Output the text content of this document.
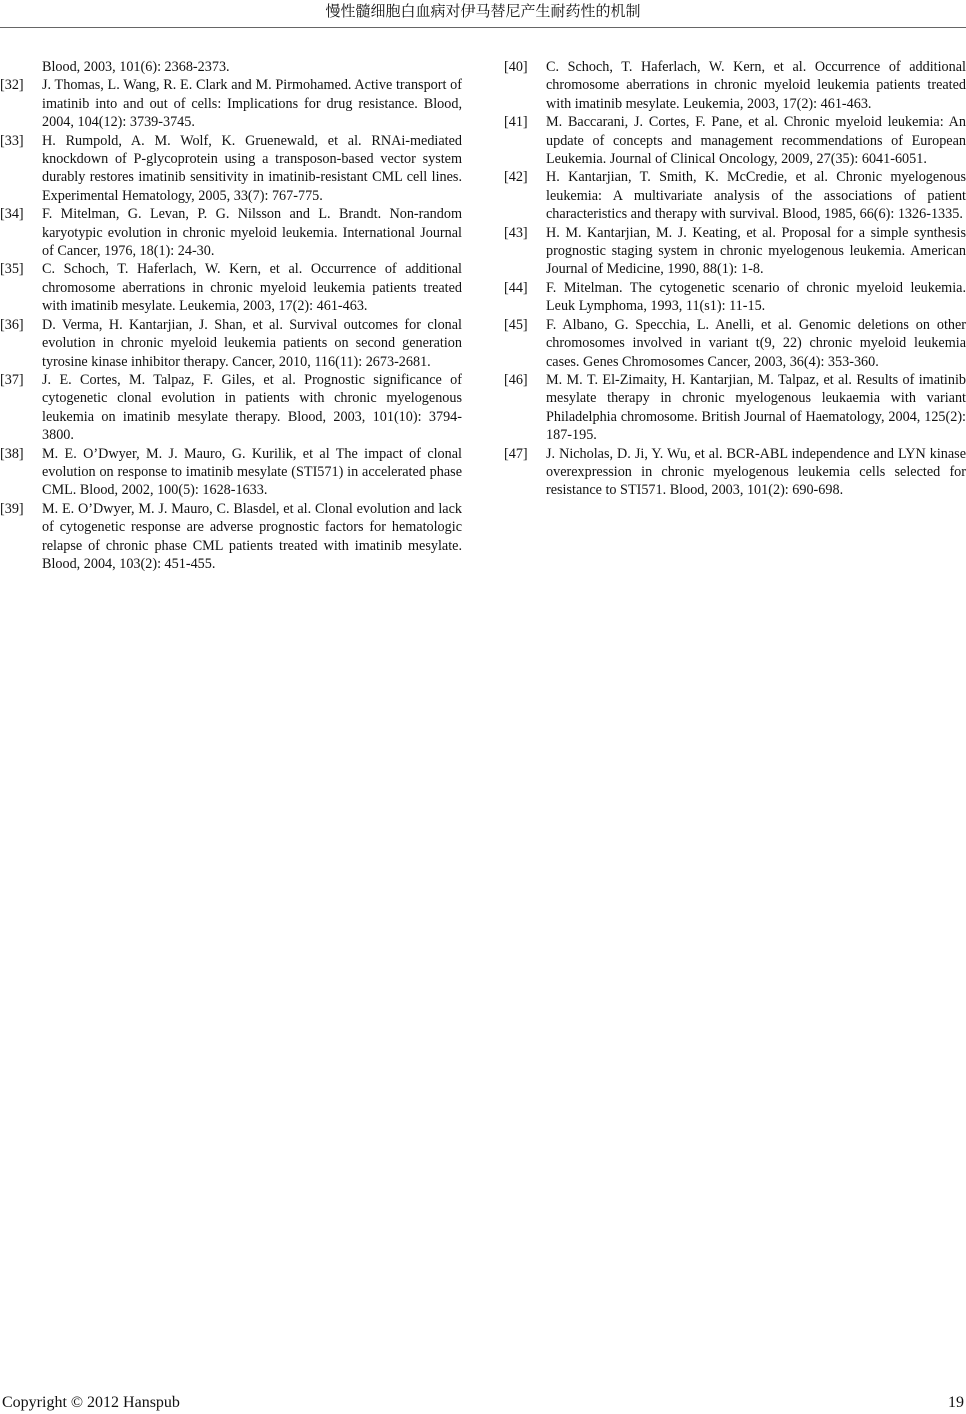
慢性髓细胞白血病对伊马替尼产生耐药性的机制
Blood, 2003, 101(6): 2368-2373.
[32]	J. Thomas, L. Wang, R. E. Clark and M. Pirmohamed. Active transport of imatinib into and out of cells: Implications for drug resistance. Blood, 2004, 104(12): 3739-3745.
[33]	H. Rumpold, A. M. Wolf, K. Gruenewald, et al. RNAi-mediated knockdown of P-glycoprotein using a transposon-based vector system durably restores imatinib sensitivity in imatinib-resistant CML cell lines. Experimental Hematology, 2005, 33(7): 767-775.
[34]	F. Mitelman, G. Levan, P. G. Nilsson and L. Brandt. Non-random karyotypic evolution in chronic myeloid leukemia. International Journal of Cancer, 1976, 18(1): 24-30.
[35]	C. Schoch, T. Haferlach, W. Kern, et al. Occurrence of additional chromosome aberrations in chronic myeloid leukemia patients treated with imatinib mesylate. Leukemia, 2003, 17(2): 461-463.
[36]	D. Verma, H. Kantarjian, J. Shan, et al. Survival outcomes for clonal evolution in chronic myeloid leukemia patients on second generation tyrosine kinase inhibitor therapy. Cancer, 2010, 116(11): 2673-2681.
[37]	J. E. Cortes, M. Talpaz, F. Giles, et al. Prognostic significance of cytogenetic clonal evolution in patients with chronic myelogenous leukemia on imatinib mesylate therapy. Blood, 2003, 101(10): 3794-3800.
[38]	M. E. O’Dwyer, M. J. Mauro, G. Kurilik, et al The impact of clonal evolution on response to imatinib mesylate (STI571) in accelerated phase CML. Blood, 2002, 100(5): 1628-1633.
[39]	M. E. O’Dwyer, M. J. Mauro, C. Blasdel, et al. Clonal evolution and lack of cytogenetic response are adverse prognostic factors for hematologic relapse of chronic phase CML patients treated with imatinib mesylate. Blood, 2004, 103(2): 451-455.
[40]	C. Schoch, T. Haferlach, W. Kern, et al. Occurrence of additional chromosome aberrations in chronic myeloid leukemia patients treated with imatinib mesylate. Leukemia, 2003, 17(2): 461-463.
[41]	M. Baccarani, J. Cortes, F. Pane, et al. Chronic myeloid leukemia: An update of concepts and management recommendations of European Leukemia. Journal of Clinical Oncology, 2009, 27(35): 6041-6051.
[42]	H. Kantarjian, T. Smith, K. McCredie, et al. Chronic myelogenous leukemia: A multivariate analysis of the associations of patient characteristics and therapy with survival. Blood, 1985, 66(6): 1326-1335.
[43]	H. M. Kantarjian, M. J. Keating, et al. Proposal for a simple synthesis prognostic staging system in chronic myelogenous leukemia. American Journal of Medicine, 1990, 88(1): 1-8.
[44]	F. Mitelman. The cytogenetic scenario of chronic myeloid leukemia. Leuk Lymphoma, 1993, 11(s1): 11-15.
[45]	F. Albano, G. Specchia, L. Anelli, et al. Genomic deletions on other chromosomes involved in variant t(9, 22) chronic myeloid leukemia cases. Genes Chromosomes Cancer, 2003, 36(4): 353-360.
[46]	M. M. T. El-Zimaity, H. Kantarjian, M. Talpaz, et al. Results of imatinib mesylate therapy in chronic myelogenous leukaemia with variant Philadelphia chromosome. British Journal of Haematology, 2004, 125(2): 187-195.
[47]	J. Nicholas, D. Ji, Y. Wu, et al. BCR-ABL independence and LYN kinase overexpression in chronic myelogenous leukemia cells selected for resistance to STI571. Blood, 2003, 101(2): 690-698.
Copyright © 2012 Hanspub	19
